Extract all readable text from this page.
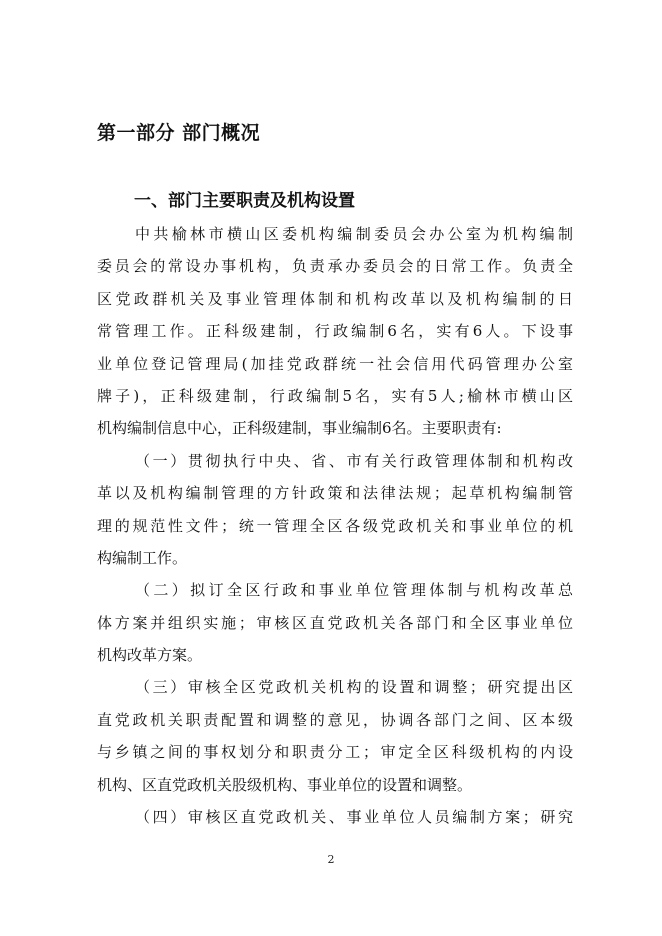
第一部分 部门概况
一、部门主要职责及机构设置
中共榆林市横山区委机构编制委员会办公室为机构编制
委员会的常设办事机构，负责承办委员会的日常工作。负责全
区党政群机关及事业管理体制和机构改革以及机构编制的日
常管理工作。正科级建制，行政编制6名，实有6人。下设事
业单位登记管理局(加挂党政群统一社会信用代码管理办公室
牌子)，正科级建制，行政编制5名，实有5人;榆林市横山区
机构编制信息中心，正科级建制，事业编制6名。主要职责有:
（一）贯彻执行中央、省、市有关行政管理体制和机构改
革以及机构编制管理的方针政策和法律法规；起草机构编制管
理的规范性文件；统一管理全区各级党政机关和事业单位的机
构编制工作。
（二）拟订全区行政和事业单位管理体制与机构改革总
体方案并组织实施；审核区直党政机关各部门和全区事业单位
机构改革方案。
（三）审核全区党政机关机构的设置和调整；研究提出区
直党政机关职责配置和调整的意见，协调各部门之间、区本级
与乡镇之间的事权划分和职责分工；审定全区科级机构的内设
机构、区直党政机关股级机构、事业单位的设置和调整。
（四）审核区直党政机关、事业单位人员编制方案；研究
2
